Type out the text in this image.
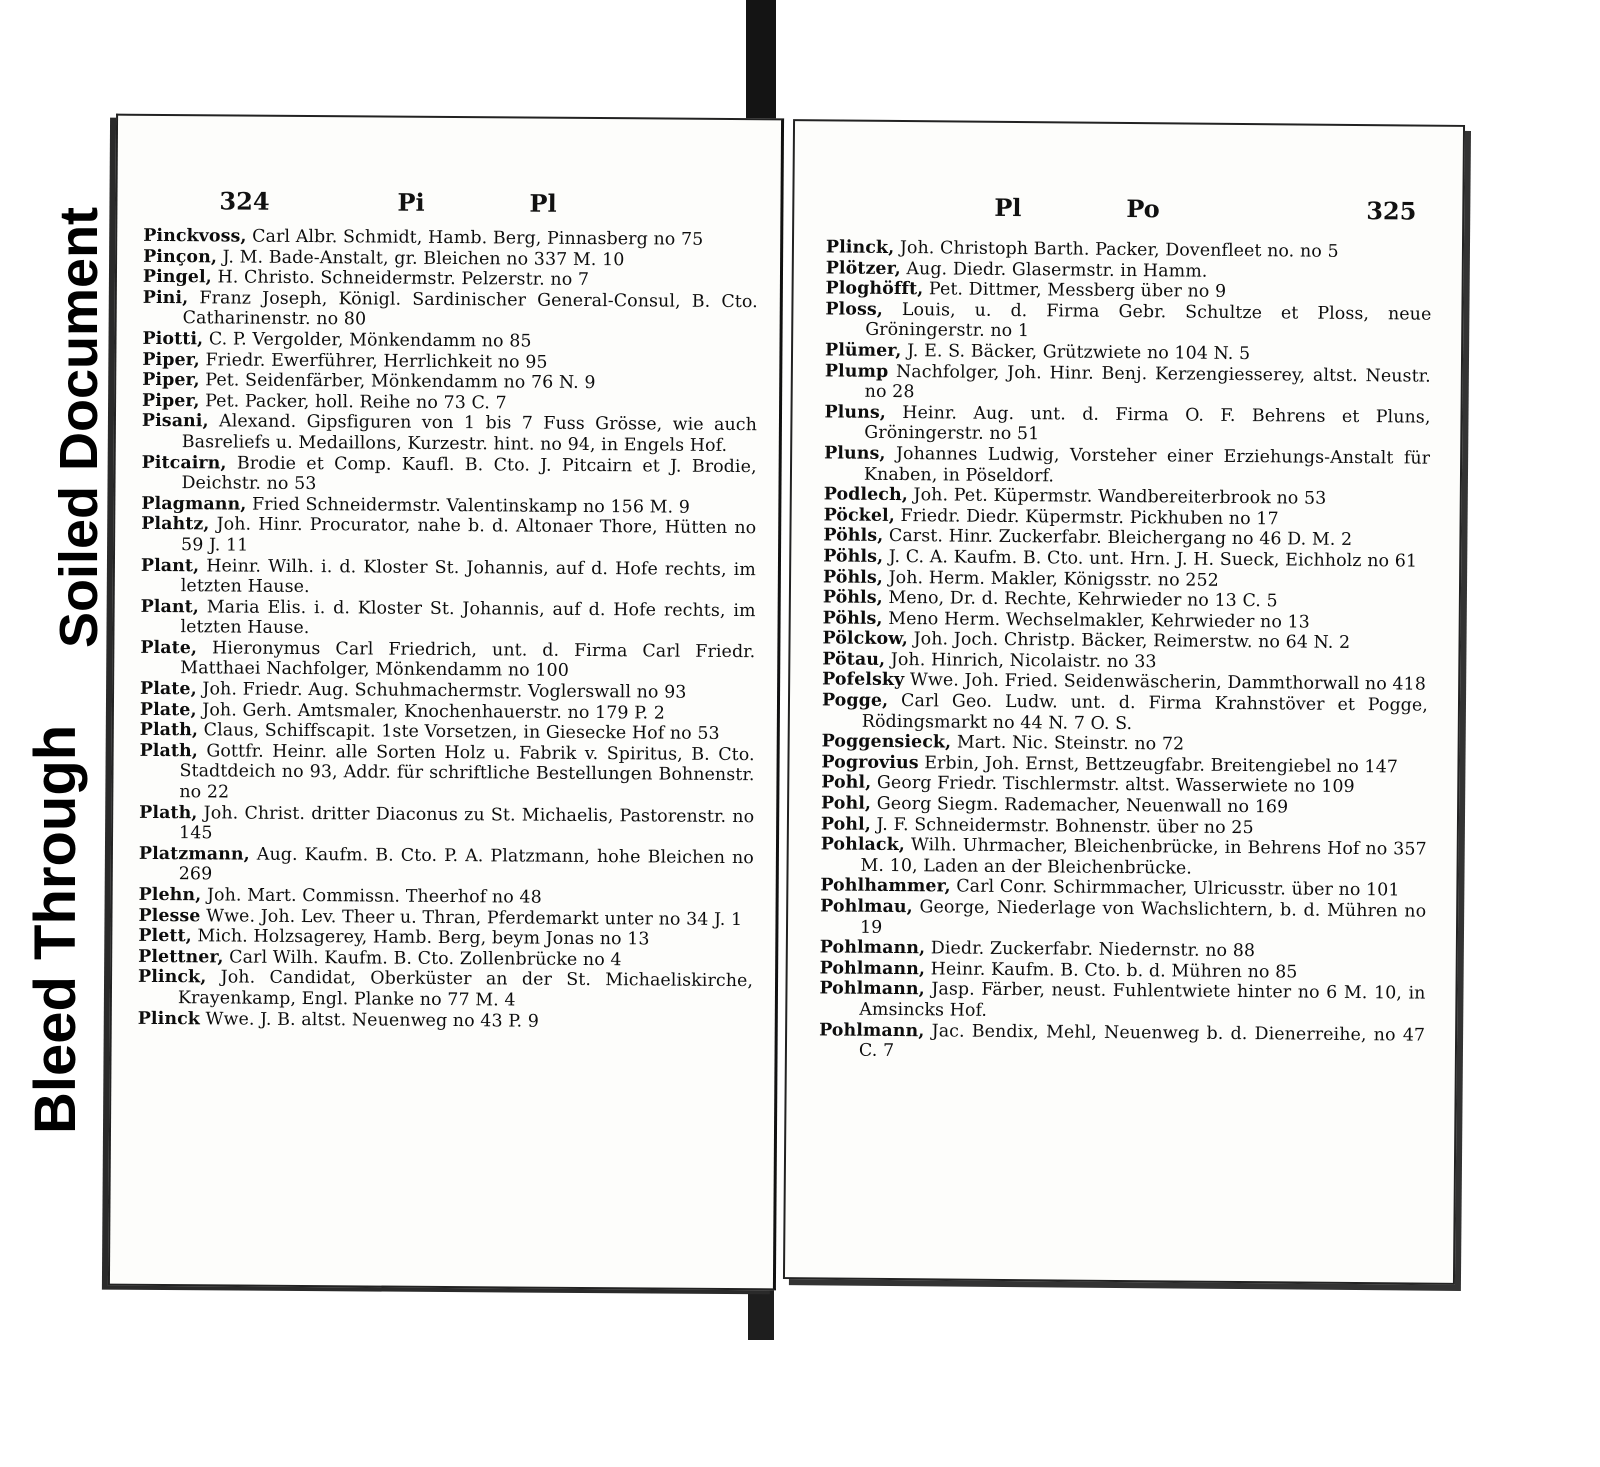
Soiled Document
Bleed Through
324	Pi	Pl
Pinckvoss, Carl Albr. Schmidt, Hamb. Berg, Pinnasberg no 75
Pinçon, J. M. Bade-Anstalt, gr. Bleichen no 337 M. 10
Pingel, H. Christo. Schneidermstr. Pelzerstr. no 7
Pini, Franz Joseph, Königl. Sardinischer General-Consul, B. Cto. Catharinenstr. no 80
Piotti, C. P. Vergolder, Mönkendamm no 85
Piper, Friedr. Ewerführer, Herrlichkeit no 95
Piper, Pet. Seidenfärber, Mönkendamm no 76 N. 9
Piper, Pet. Packer, holl. Reihe no 73 C. 7
Pisani, Alexand. Gipsfiguren von 1 bis 7 Fuss Grösse, wie auch Basreliefs u. Medaillons, Kurzestr. hint. no 94, in Engels Hof.
Pitcairn, Brodie et Comp. Kaufl. B. Cto. J. Pitcairn et J. Brodie, Deichstr. no 53
Plagmann, Fried Schneidermstr. Valentinskamp no 156 M. 9
Plahtz, Joh. Hinr. Procurator, nahe b. d. Altonaer Thore, Hütten no 59 J. 11
Plant, Heinr. Wilh. i. d. Kloster St. Johannis, auf d. Hofe rechts, im letzten Hause.
Plant, Maria Elis. i. d. Kloster St. Johannis, auf d. Hofe rechts, im letzten Hause.
Plate, Hieronymus Carl Friedrich, unt. d. Firma Carl Friedr. Matthaei Nachfolger, Mönkendamm no 100
Plate, Joh. Friedr. Aug. Schuhmachermstr. Voglerswall no 93
Plate, Joh. Gerh. Amtsmaler, Knochenhauerstr. no 179 P. 2
Plath, Claus, Schiffscapit. 1ste Vorsetzen, in Giesecke Hof no 53
Plath, Gottfr. Heinr. alle Sorten Holz u. Fabrik v. Spiritus, B. Cto. Stadtdeich no 93, Addr. für schriftliche Bestellungen Bohnenstr. no 22
Plath, Joh. Christ. dritter Diaconus zu St. Michaelis, Pastorenstr. no 145
Platzmann, Aug. Kaufm. B. Cto. P. A. Platzmann, hohe Bleichen no 269
Plehn, Joh. Mart. Commissn. Theerhof no 48
Plesse Wwe. Joh. Lev. Theer u. Thran, Pferdemarkt unter no 34 J. 1
Plett, Mich. Holzsagerey, Hamb. Berg, beym Jonas no 13
Plettner, Carl Wilh. Kaufm. B. Cto. Zollenbrücke no 4
Plinck, Joh. Candidat, Oberküster an der St. Michaeliskirche, Krayenkamp, Engl. Planke no 77 M. 4
Plinck Wwe. J. B. altst. Neuenweg no 43 P. 9
Pl	Po	325
Plinck, Joh. Christoph Barth. Packer, Dovenfleet no. no 5
Plötzer, Aug. Diedr. Glasermstr. in Hamm.
Ploghöfft, Pet. Dittmer, Messberg über no 9
Ploss, Louis, u. d. Firma Gebr. Schultze et Ploss, neue Gröningerstr. no 1
Plümer, J. E. S. Bäcker, Grützwiete no 104 N. 5
Plump Nachfolger, Joh. Hinr. Benj. Kerzengiesserey, altst. Neustr. no 28
Pluns, Heinr. Aug. unt. d. Firma O. F. Behrens et Pluns, Gröningerstr. no 51
Pluns, Johannes Ludwig, Vorsteher einer Erziehungs-Anstalt für Knaben, in Pöseldorf.
Podlech, Joh. Pet. Küpermstr. Wandbereiterbrook no 53
Pöckel, Friedr. Diedr. Küpermstr. Pickhuben no 17
Pöhls, Carst. Hinr. Zuckerfabr. Bleichergang no 46 D. M. 2
Pöhls, J. C. A. Kaufm. B. Cto. unt. Hrn. J. H. Sueck, Eichholz no 61
Pöhls, Joh. Herm. Makler, Königsstr. no 252
Pöhls, Meno, Dr. d. Rechte, Kehrwieder no 13 C. 5
Pöhls, Meno Herm. Wechselmakler, Kehrwieder no 13
Pölckow, Joh. Joch. Christp. Bäcker, Reimerstw. no 64 N. 2
Pötau, Joh. Hinrich, Nicolaistr. no 33
Pofelsky Wwe. Joh. Fried. Seidenwäscherin, Dammthorwall no 418
Pogge, Carl Geo. Ludw. unt. d. Firma Krahnstöver et Pogge, Rödingsmarkt no 44 N. 7 O. S.
Poggensieck, Mart. Nic. Steinstr. no 72
Pogrovius Erbin, Joh. Ernst, Bettzeugfabr. Breitengiebel no 147
Pohl, Georg Friedr. Tischlermstr. altst. Wasserwiete no 109
Pohl, Georg Siegm. Rademacher, Neuenwall no 169
Pohl, J. F. Schneidermstr. Bohnenstr. über no 25
Pohlack, Wilh. Uhrmacher, Bleichenbrücke, in Behrens Hof no 357 M. 10, Laden an der Bleichenbrücke.
Pohlhammer, Carl Conr. Schirmmacher, Ulricusstr. über no 101
Pohlmau, George, Niederlage von Wachslichtern, b. d. Mühren no 19
Pohlmann, Diedr. Zuckerfabr. Niedernstr. no 88
Pohlmann, Heinr. Kaufm. B. Cto. b. d. Mühren no 85
Pohlmann, Jasp. Färber, neust. Fuhlentwiete hinter no 6 M. 10, in Amsincks Hof.
Pohlmann, Jac. Bendix, Mehl, Neuenweg b. d. Dienerreihe, no 47 C. 7
